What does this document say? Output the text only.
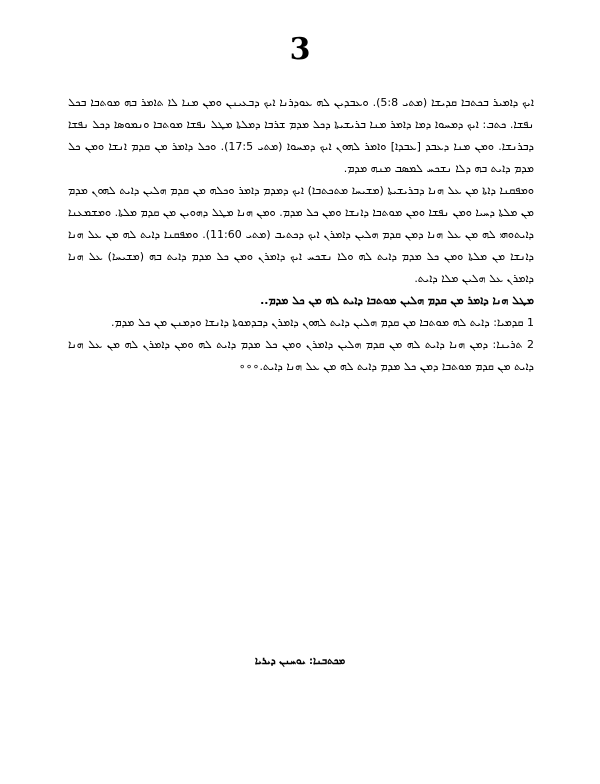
3

ܐܝܟ ܕܐܡܝܪ ܒܟܬܒܐ ܩܕܝܫܐ (ܡܬܝ 5:8). ܘܥܒܕܝܢ ܠܗ ܥܘܕܪܢܐ ܐܝܟ ܕܒܥܝܢܢ ܘܡܢ ܡܢܐ ܠܐ ܬܐܡܪ ܒܗ ܡܘܬܒܐ ܒܟܠ ܢܦܫܐ. ܟܬܒ: ܐܝܟ ܕܡܚܘܐ ܕܡܐ ܕܐܡܪ ܡܢܐ ܒܪܝܫܝܬܐ ܕܟܠ ܡܕܡ ܫܪܒܐ ܕܡܠܬܐ ܡܛܠ ܢܦܫܐ ܡܘܬܒܐ ܘܢܡܘܣܐ ܕܟܠ ܢܦܫܐ ܕܒܪܢܫܐ. ܘܡܢ ܡܢܐ ܕܥܒܕ [ܥܒܕܐ] ܘܐܡܪ ܠܗܘܢ ܐܝܟ ܕܡܚܘܐ (ܡܬܝ 17:5). ܘܟܠ ܕܐܡܪ ܡܢ ܩܕܡ ܐܢܫܐ ܘܡܢ ܟܠ ܡܕܡ ܕܐܝܬ ܒܗ ܕܠܐ ܢܫܟܚ ܠܡܣܒ ܡܢܗ ܡܕܡ.

ܘܡܦܩܢܐ ܕܐܬܐ ܡܢ ܥܠ ܗܢܐ ܕܒܪܝܫܝܬܐ (ܡܫܝܚܐ ܡܬܟܬܒܐ) ܐܝܟ ܕܡܕܡ ܕܐܡܪ ܘܟܠܗ ܡܢ ܩܕܡ ܗܠܝܢ ܕܐܝܬ ܠܗܘܢ ܡܕܡ ܡܢ ܡܠܬܐ ܕܚܝܐ ܘܡܢ ܢܦܫܐ ܘܡܢ ܡܘܬܒܐ ܕܐܢܫܐ ܘܡܢ ܟܠ ܡܕܡ. ܘܡܢ ܗܢܐ ܡܛܠ ܕܗܘܝܢ ܡܢ ܩܕܡ ܡܠܬܐ. ܘܡܫܡܥܢܐ ܕܐܝܬܘܗܝ ܠܗ ܡܢ ܥܠ ܗܢܐ ܕܡܢ ܩܕܡ ܗܠܝܢ ܕܐܡܪܢ ܐܝܟ ܕܟܬܝܒ (ܡܬܝ 11:60). ܘܡܦܩܢܐ ܕܐܝܬ ܠܗ ܡܢ ܥܠ ܗܢܐ ܕܐܢܫܐ ܡܢ ܡܠܬܐ ܘܡܢ ܟܠ ܡܕܡ ܕܐܝܬ ܠܗ ܘܠܐ ܢܫܟܚ ܐܝܟ ܕܐܡܪܢ ܘܡܢ ܟܠ ܡܕܡ ܕܐܝܬ ܒܗ (ܡܫܝܚܐ) ܥܠ ܗܢܐ ܕܐܡܪܢ ܥܠ ܗܠܝܢ ܡܠܐ ܕܐܝܬ.

ܡܛܠ ܗܢܐ ܕܐܡܪ ܡܢ ܩܕܡ ܗܠܝܢ ܡܘܬܒܐ ܕܐܝܬ ܠܗ ܡܢ ܟܠ ܡܕܡ..

1 ܩܕܡܝܐ: ܕܐܝܬ ܠܗ ܡܘܬܒܐ ܡܢ ܩܕܡ ܗܠܝܢ ܕܐܝܬ ܠܗܘܢ ܕܐܡܪܢ ܕܒܕܡܘܬܐ ܕܐܢܫܐ ܘܕܡܢܢ ܡܢ ܟܠ ܡܕܡ.

2 ܬܪܝܢܐ: ܕܡܢ ܗܢܐ ܕܐܝܬ ܠܗ ܡܢ ܩܕܡ ܗܠܝܢ ܕܐܡܪܢ ܘܡܢ ܟܠ ܡܕܡ ܕܐܝܬ ܠܗ ܘܡܢ ܕܐܡܪܢ ܠܗ ܡܢ ܥܠ ܗܢܐ ܕܐܝܬ ܡܢ ܩܕܡ ܡܘܬܒܐ ܕܡܢ ܟܠ ܡܕܡ ܕܐܝܬ ܠܗ ܡܢ ܥܠ ܗܢܐ ܕܐܝܬ.∘∘∘

ܡܟܬܒܢܐ: ܝܘܚܢܢ ܕܝܪܝܐ
